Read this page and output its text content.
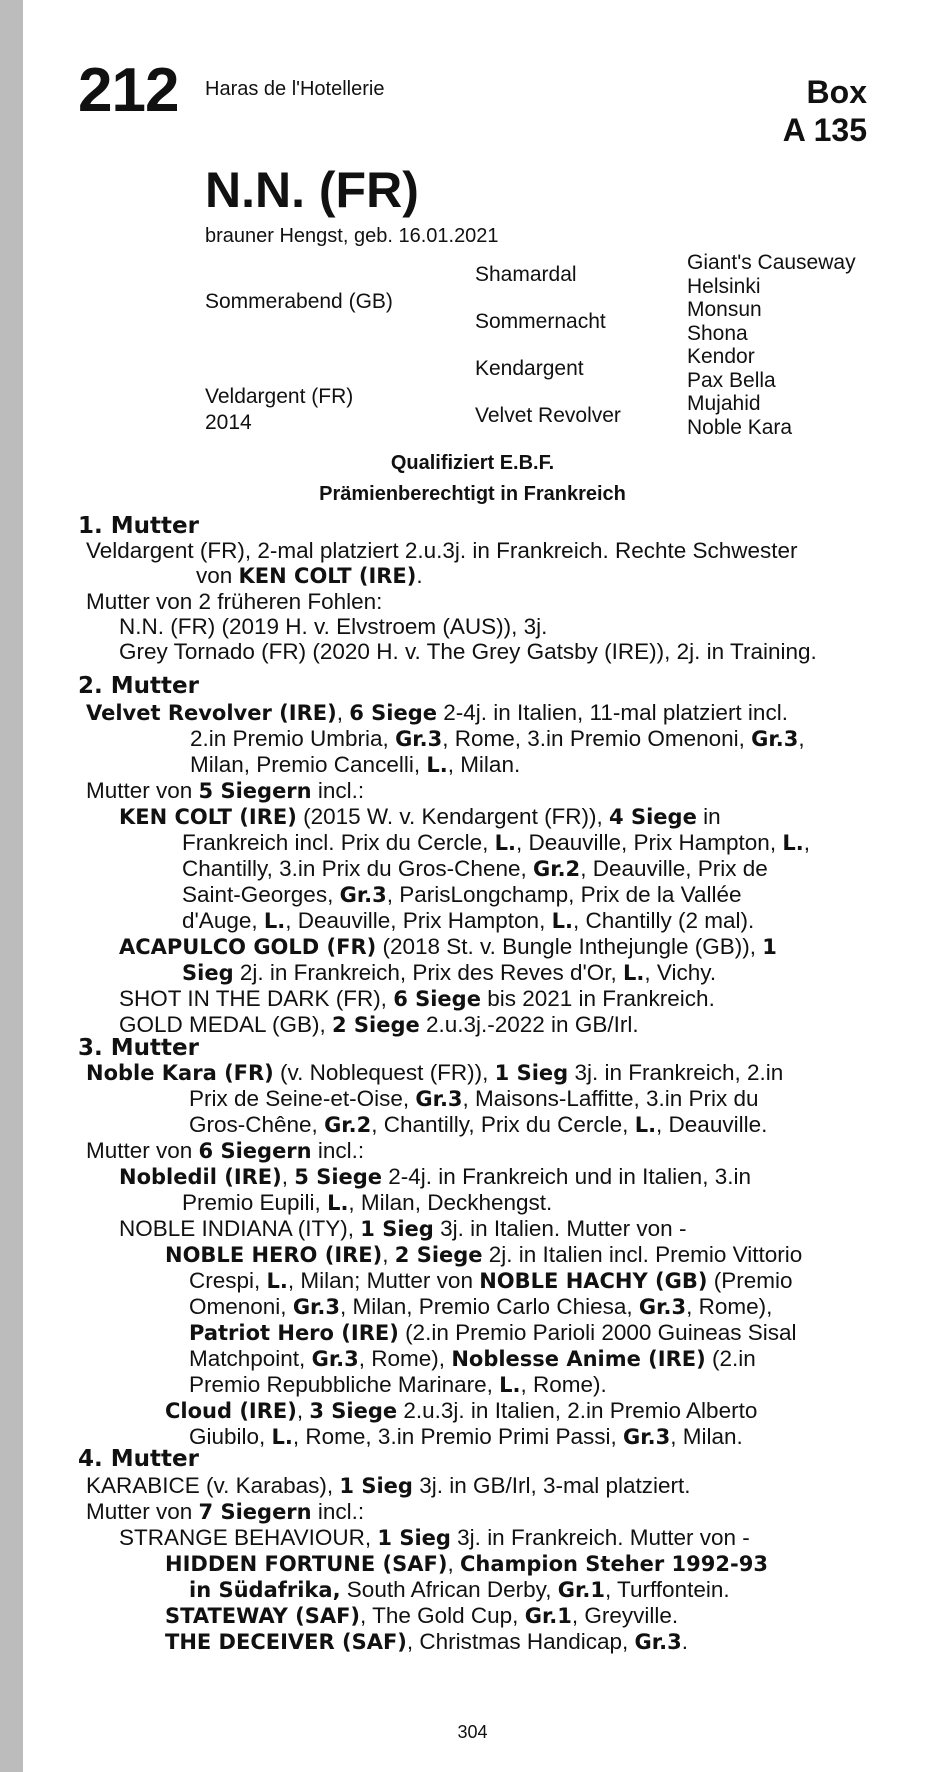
212 Haras de l'Hotellerie	Box
A 135
N.N. (FR)
brauner Hengst, geb. 16.01.2021
Sommerabend (GB)
Veldargent (FR)
2014
Shamardal
Sommernacht
Kendargent
Velvet Revolver
Giant's Causeway
Helsinki
Monsun
Shona
Kendor
Pax Bella
Mujahid
Noble Kara
Qualifiziert E.B.F.
Prämienberechtigt in Frankreich
1. Mutter
Veldargent (FR), 2-mal platziert 2.u.3j. in Frankreich. Rechte Schwester
von KEN COLT (IRE).
Mutter von 2 früheren Fohlen:
N.N. (FR) (2019 H. v. Elvstroem (AUS)), 3j.
Grey Tornado (FR) (2020 H. v. The Grey Gatsby (IRE)), 2j. in Training.
2. Mutter
Velvet Revolver (IRE), 6 Siege 2-4j. in Italien, 11-mal platziert incl.
2.in Premio Umbria, Gr.3, Rome, 3.in Premio Omenoni, Gr.3,
Milan, Premio Cancelli, L., Milan.
Mutter von 5 Siegern incl.:
KEN COLT (IRE) (2015 W. v. Kendargent (FR)), 4 Siege in
Frankreich incl. Prix du Cercle, L., Deauville, Prix Hampton, L.,
Chantilly, 3.in Prix du Gros-Chene, Gr.2, Deauville, Prix de
Saint-Georges, Gr.3, ParisLongchamp, Prix de la Vallée
d'Auge, L., Deauville, Prix Hampton, L., Chantilly (2 mal).
ACAPULCO GOLD (FR) (2018 St. v. Bungle Inthejungle (GB)), 1
Sieg 2j. in Frankreich, Prix des Reves d'Or, L., Vichy.
SHOT IN THE DARK (FR), 6 Siege bis 2021 in Frankreich.
GOLD MEDAL (GB), 2 Siege 2.u.3j.-2022 in GB/Irl.
3. Mutter
Noble Kara (FR) (v. Noblequest (FR)), 1 Sieg 3j. in Frankreich, 2.in
Prix de Seine-et-Oise, Gr.3, Maisons-Laffitte, 3.in Prix du
Gros-Chêne, Gr.2, Chantilly, Prix du Cercle, L., Deauville.
Mutter von 6 Siegern incl.:
Nobledil (IRE), 5 Siege 2-4j. in Frankreich und in Italien, 3.in
Premio Eupili, L., Milan, Deckhengst.
NOBLE INDIANA (ITY), 1 Sieg 3j. in Italien. Mutter von -
NOBLE HERO (IRE), 2 Siege 2j. in Italien incl. Premio Vittorio
Crespi, L., Milan; Mutter von NOBLE HACHY (GB) (Premio
Omenoni, Gr.3, Milan, Premio Carlo Chiesa, Gr.3, Rome),
Patriot Hero (IRE) (2.in Premio Parioli 2000 Guineas Sisal
Matchpoint, Gr.3, Rome), Noblesse Anime (IRE) (2.in
Premio Repubbliche Marinare, L., Rome).
Cloud (IRE), 3 Siege 2.u.3j. in Italien, 2.in Premio Alberto
Giubilo, L., Rome, 3.in Premio Primi Passi, Gr.3, Milan.
4. Mutter
KARABICE (v. Karabas), 1 Sieg 3j. in GB/Irl, 3-mal platziert.
Mutter von 7 Siegern incl.:
STRANGE BEHAVIOUR, 1 Sieg 3j. in Frankreich. Mutter von -
HIDDEN FORTUNE (SAF), Champion Steher 1992-93
in Südafrika, South African Derby, Gr.1, Turffontein.
STATEWAY (SAF), The Gold Cup, Gr.1, Greyville.
THE DECEIVER (SAF), Christmas Handicap, Gr.3.
304
